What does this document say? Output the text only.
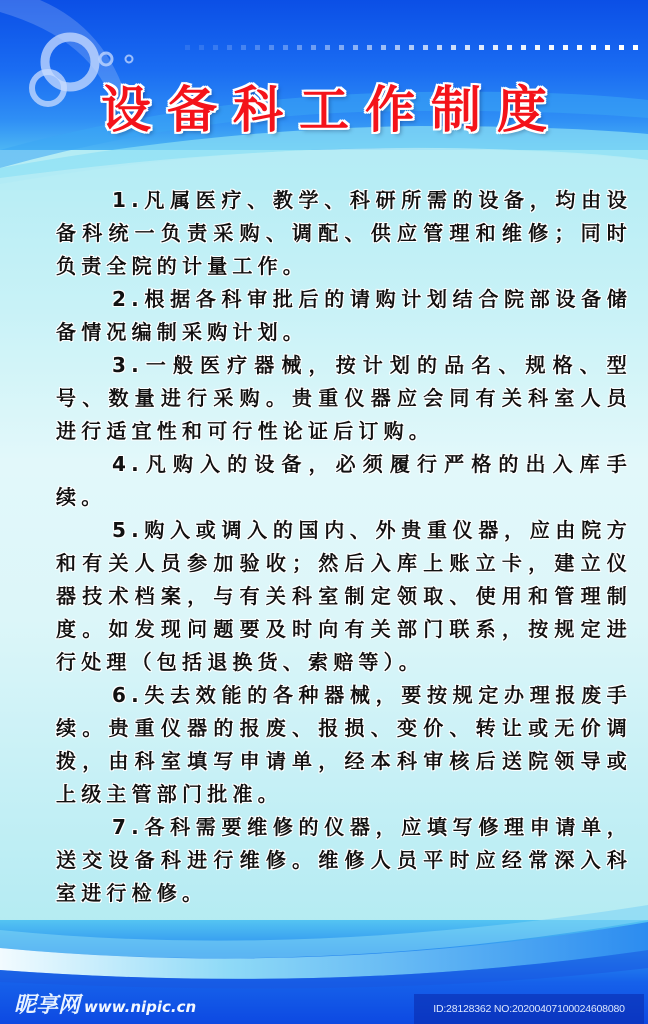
设备科工作制度

1.凡属医疗、教学、科研所需的设备，均由设备科统一负责采购、调配、供应管理和维修；同时负责全院的计量工作。

2.根据各科审批后的请购计划结合院部设备储备情况编制采购计划。

3.一般医疗器械，按计划的品名、规格、型号、数量进行采购。贵重仪器应会同有关科室人员进行适宜性和可行性论证后订购。

4.凡购入的设备，必须履行严格的出入库手续。

5.购入或调入的国内、外贵重仪器，应由院方和有关人员参加验收；然后入库上账立卡，建立仪器技术档案，与有关科室制定领取、使用和管理制度。如发现问题要及时向有关部门联系，按规定进行处理（包括退换货、索赔等）。

6.失去效能的各种器械，要按规定办理报废手续。贵重仪器的报废、报损、变价、转让或无价调拨，由科室填写申请单，经本科审核后送院领导或上级主管部门批准。

7.各科需要维修的仪器，应填写修理申请单，送交设备科进行维修。维修人员平时应经常深入科室进行检修。

昵享网 www.nipic.cn	ID:28128362 NO:20200407100024608080
